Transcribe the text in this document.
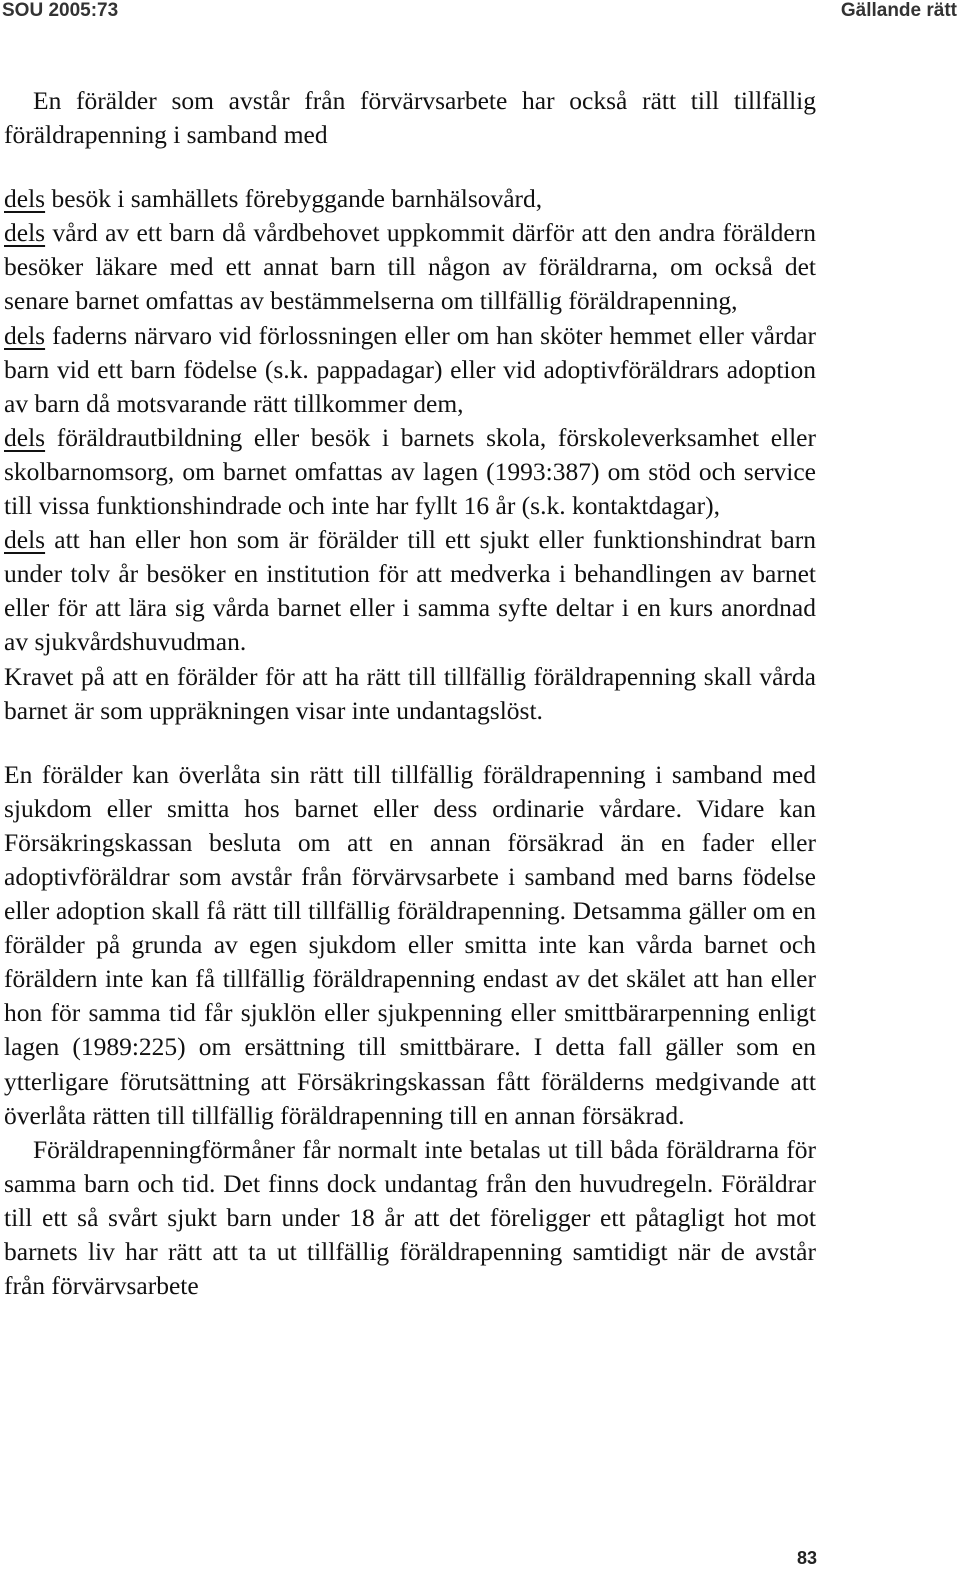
SOU 2005:73	Gällande rätt

En förälder som avstår från förvärvsarbete har också rätt till tillfällig föräldrapenning i samband med

dels besök i samhällets förebyggande barnhälsovård,

dels vård av ett barn då vårdbehovet uppkommit därför att den andra föräldern besöker läkare med ett annat barn till någon av föräldrarna, om också det senare barnet omfattas av bestämmelserna om tillfällig föräldrapenning,

dels faderns närvaro vid förlossningen eller om han sköter hemmet eller vårdar barn vid ett barn födelse (s.k. pappadagar) eller vid adoptivföräldrars adoption av barn då motsvarande rätt tillkommer dem,

dels föräldrautbildning eller besök i barnets skola, förskoleverksamhet eller skolbarnomsorg, om barnet omfattas av lagen (1993:387) om stöd och service till vissa funktionshindrade och inte har fyllt 16 år (s.k. kontaktdagar),

dels att han eller hon som är förälder till ett sjukt eller funktionshindrat barn under tolv år besöker en institution för att medverka i behandlingen av barnet eller för att lära sig vårda barnet eller i samma syfte deltar i en kurs anordnad av sjukvårdshuvudman.

Kravet på att en förälder för att ha rätt till tillfällig föräldrapenning skall vårda barnet är som uppräkningen visar inte undantagslöst.

En förälder kan överlåta sin rätt till tillfällig föräldrapenning i samband med sjukdom eller smitta hos barnet eller dess ordinarie vårdare. Vidare kan Försäkringskassan besluta om att en annan försäkrad än en fader eller adoptivföräldrar som avstår från förvärvsarbete i samband med barns födelse eller adoption skall få rätt till tillfällig föräldrapenning. Detsamma gäller om en förälder på grunda av egen sjukdom eller smitta inte kan vårda barnet och föräldern inte kan få tillfällig föräldrapenning endast av det skälet att han eller hon för samma tid får sjuklön eller sjukpenning eller smittbärarpenning enligt lagen (1989:225) om ersättning till smittbärare. I detta fall gäller som en ytterligare förutsättning att Försäkringskassan fått förälderns medgivande att överlåta rätten till tillfällig föräldrapenning till en annan försäkrad.

Föräldrapenningförmåner får normalt inte betalas ut till båda föräldrarna för samma barn och tid. Det finns dock undantag från den huvudregeln. Föräldrar till ett så svårt sjukt barn under 18 år att det föreligger ett påtagligt hot mot barnets liv har rätt att ta ut tillfällig föräldrapenning samtidigt när de avstår från förvärvsarbete

83
